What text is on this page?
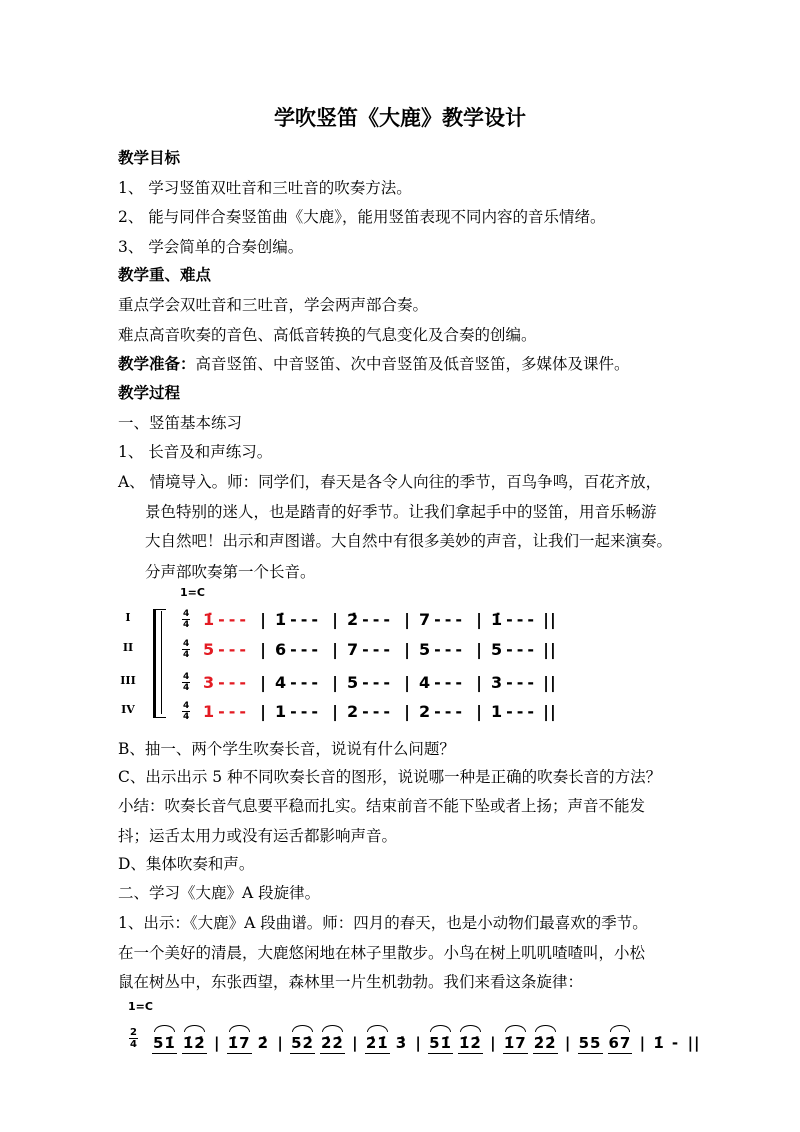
学吹竖笛《大鹿》教学设计
教学目标
1、 学习竖笛双吐音和三吐音的吹奏方法。
2、 能与同伴合奏竖笛曲《大鹿》，能用竖笛表现不同内容的音乐情绪。
3、 学会简单的合奏创编。
教学重、难点
重点学会双吐音和三吐音，学会两声部合奏。
难点高音吹奏的音色、高低音转换的气息变化及合奏的创编。
教学准备：高音竖笛、中音竖笛、次中音竖笛及低音竖笛，多媒体及课件。
教学过程
一、竖笛基本练习
1、 长音及和声练习。
A、 情境导入。师：同学们，春天是各令人向往的季节，百鸟争鸣，百花齐放，
景色特别的迷人，也是踏青的好季节。让我们拿起手中的竖笛，用音乐畅游
大自然吧！出示和声图谱。大自然中有很多美妙的声音，让我们一起来演奏。
分声部吹奏第一个长音。
1=C
I	4
4 1̇--- | 1̇--- | 2̇--- | 7--- | 1̇--- ||
II	4
4 5--- | 6--- | 7--- | 5--- | 5--- ||
III	4
4 3--- | 4--- | 5--- | 4--- | 3--- ||
IV	4
4 1--- | 1--- | 2--- | 2--- | 1--- ||
B、抽一、两个学生吹奏长音，说说有什么问题？
C、出示出示 5 种不同吹奏长音的图形，说说哪一种是正确的吹奏长音的方法？
小结：吹奏长音气息要平稳而扎实。结束前音不能下坠或者上扬；声音不能发
抖；运舌太用力或没有运舌都影响声音。
D、集体吹奏和声。
二、学习《大鹿》A 段旋律。
1、出示：《大鹿》A 段曲谱。师：四月的春天，也是小动物们最喜欢的季节。
在一个美好的清晨，大鹿悠闲地在林子里散步。小鸟在树上叽叽喳喳叫，小松
鼠在树丛中，东张西望，森林里一片生机勃勃。我们来看这条旋律：
1=C
2
4 51̇ 1̇2̇ | 1̇7 2̇ | 52̇ 2̇2̇ | 2̇1̇ 3̇ | 51̇ 1̇2̇ | 1̇7 2̇2̇ | 55 67 | 1̇ - ||
